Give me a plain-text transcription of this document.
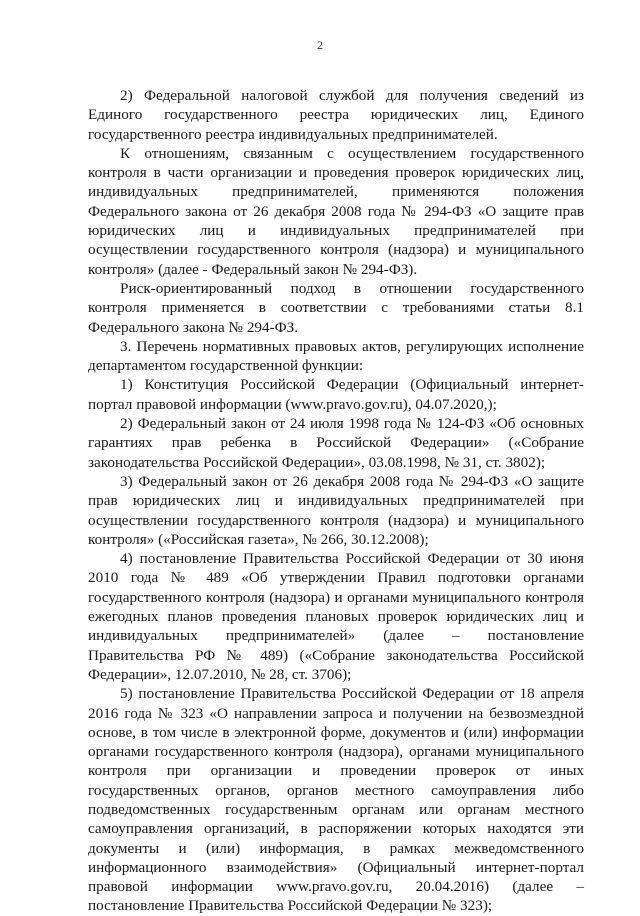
2

2) Федеральной налоговой службой для получения сведений из Единого государственного реестра юридических лиц, Единого государственного реестра индивидуальных предпринимателей.

К отношениям, связанным с осуществлением государственного контроля в части организации и проведения проверок юридических лиц, индивидуальных предпринимателей, применяются положения Федерального закона от 26 декабря 2008 года № 294-ФЗ «О защите прав юридических лиц и индивидуальных предпринимателей при осуществлении государственного контроля (надзора) и муниципального контроля» (далее - Федеральный закон № 294-ФЗ).

Риск-ориентированный подход в отношении государственного контроля применяется в соответствии с требованиями статьи 8.1 Федерального закона № 294-ФЗ.

3. Перечень нормативных правовых актов, регулирующих исполнение департаментом государственной функции:

1) Конституция Российской Федерации (Официальный интернет-портал правовой информации (www.pravo.gov.ru), 04.07.2020,);

2) Федеральный закон от 24 июля 1998 года № 124-ФЗ «Об основных гарантиях прав ребенка в Российской Федерации» («Собрание законодательства Российской Федерации», 03.08.1998, № 31, ст. 3802);

3) Федеральный закон от 26 декабря 2008 года № 294-ФЗ «О защите прав юридических лиц и индивидуальных предпринимателей при осуществлении государственного контроля (надзора) и муниципального контроля» («Российская газета», № 266, 30.12.2008);

4) постановление Правительства Российской Федерации от 30 июня 2010 года № 489 «Об утверждении Правил подготовки органами государственного контроля (надзора) и органами муниципального контроля ежегодных планов проведения плановых проверок юридических лиц и индивидуальных предпринимателей» (далее – постановление Правительства РФ № 489) («Собрание законодательства Российской Федерации», 12.07.2010, № 28, ст. 3706);

5) постановление Правительства Российской Федерации от 18 апреля 2016 года № 323 «О направлении запроса и получении на безвозмездной основе, в том числе в электронной форме, документов и (или) информации органами государственного контроля (надзора), органами муниципального контроля при организации и проведении проверок от иных государственных органов, органов местного самоуправления либо подведомственных государственным органам или органам местного самоуправления организаций, в распоряжении которых находятся эти документы и (или) информация, в рамках межведомственного информационного взаимодействия» (Официальный интернет-портал правовой информации www.pravo.gov.ru, 20.04.2016) (далее – постановление Правительства Российской Федерации № 323);
